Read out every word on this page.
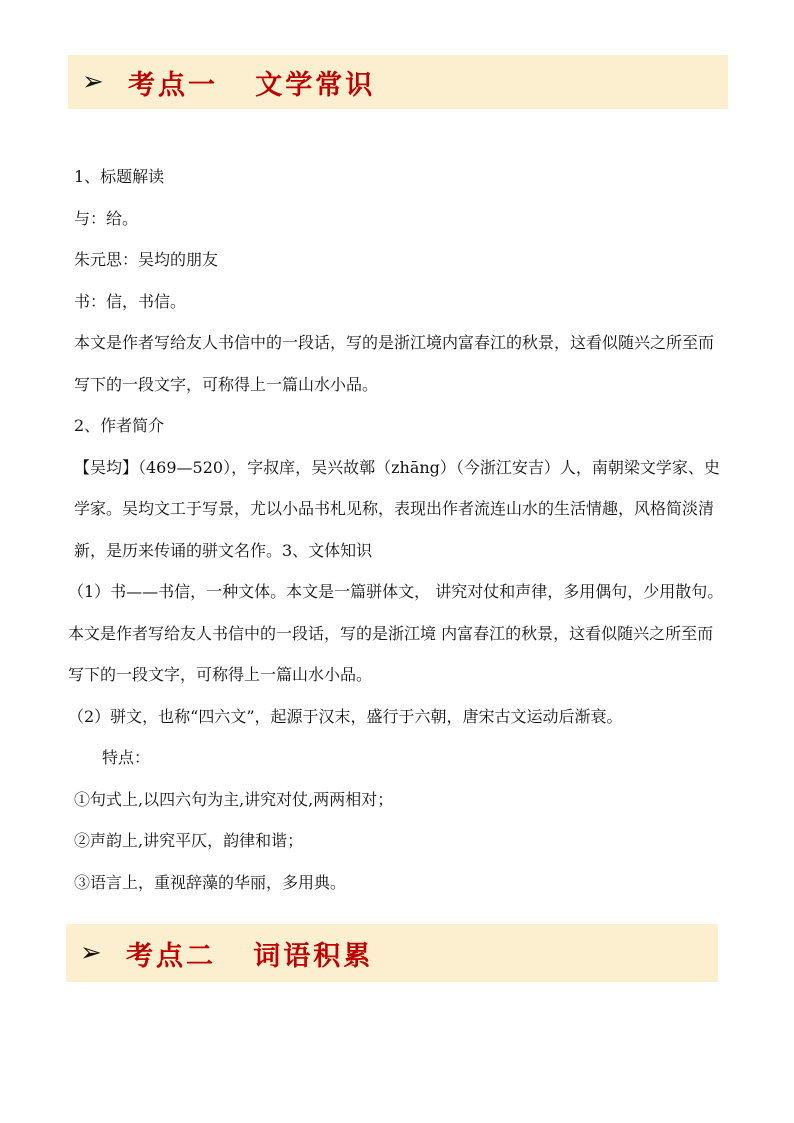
➢ 考点一   文学常识

1、标题解读

与：给。

朱元思：吴均的朋友

书：信，书信。

本文是作者写给友人书信中的一段话，写的是浙江境内富春江的秋景，这看似随兴之所至而写下的一段文字，可称得上一篇山水小品。

2、作者简介

【吴均】（469—520），字叔庠，吴兴故鄣（zhāng）（今浙江安吉）人，南朝梁文学家、史学家。吴均文工于写景，尤以小品书札见称，表现出作者流连山水的生活情趣，风格简淡清新，是历来传诵的骈文名作。3、文体知识

（1）书——书信，一种文体。本文是一篇骈体文， 讲究对仗和声律，多用偶句，少用散句。本文是作者写给友人书信中的一段话，写的是浙江境 内富春江的秋景，这看似随兴之所至而写下的一段文字，可称得上一篇山水小品。

（2）骈文，也称“四六文”，起源于汉末，盛行于六朝，唐宋古文运动后渐衰。

特点：

①句式上,以四六句为主,讲究对仗,两两相对；

②声韵上,讲究平仄，韵律和谐；

③语言上，重视辞藻的华丽，多用典。

➢ 考点二   词语积累
